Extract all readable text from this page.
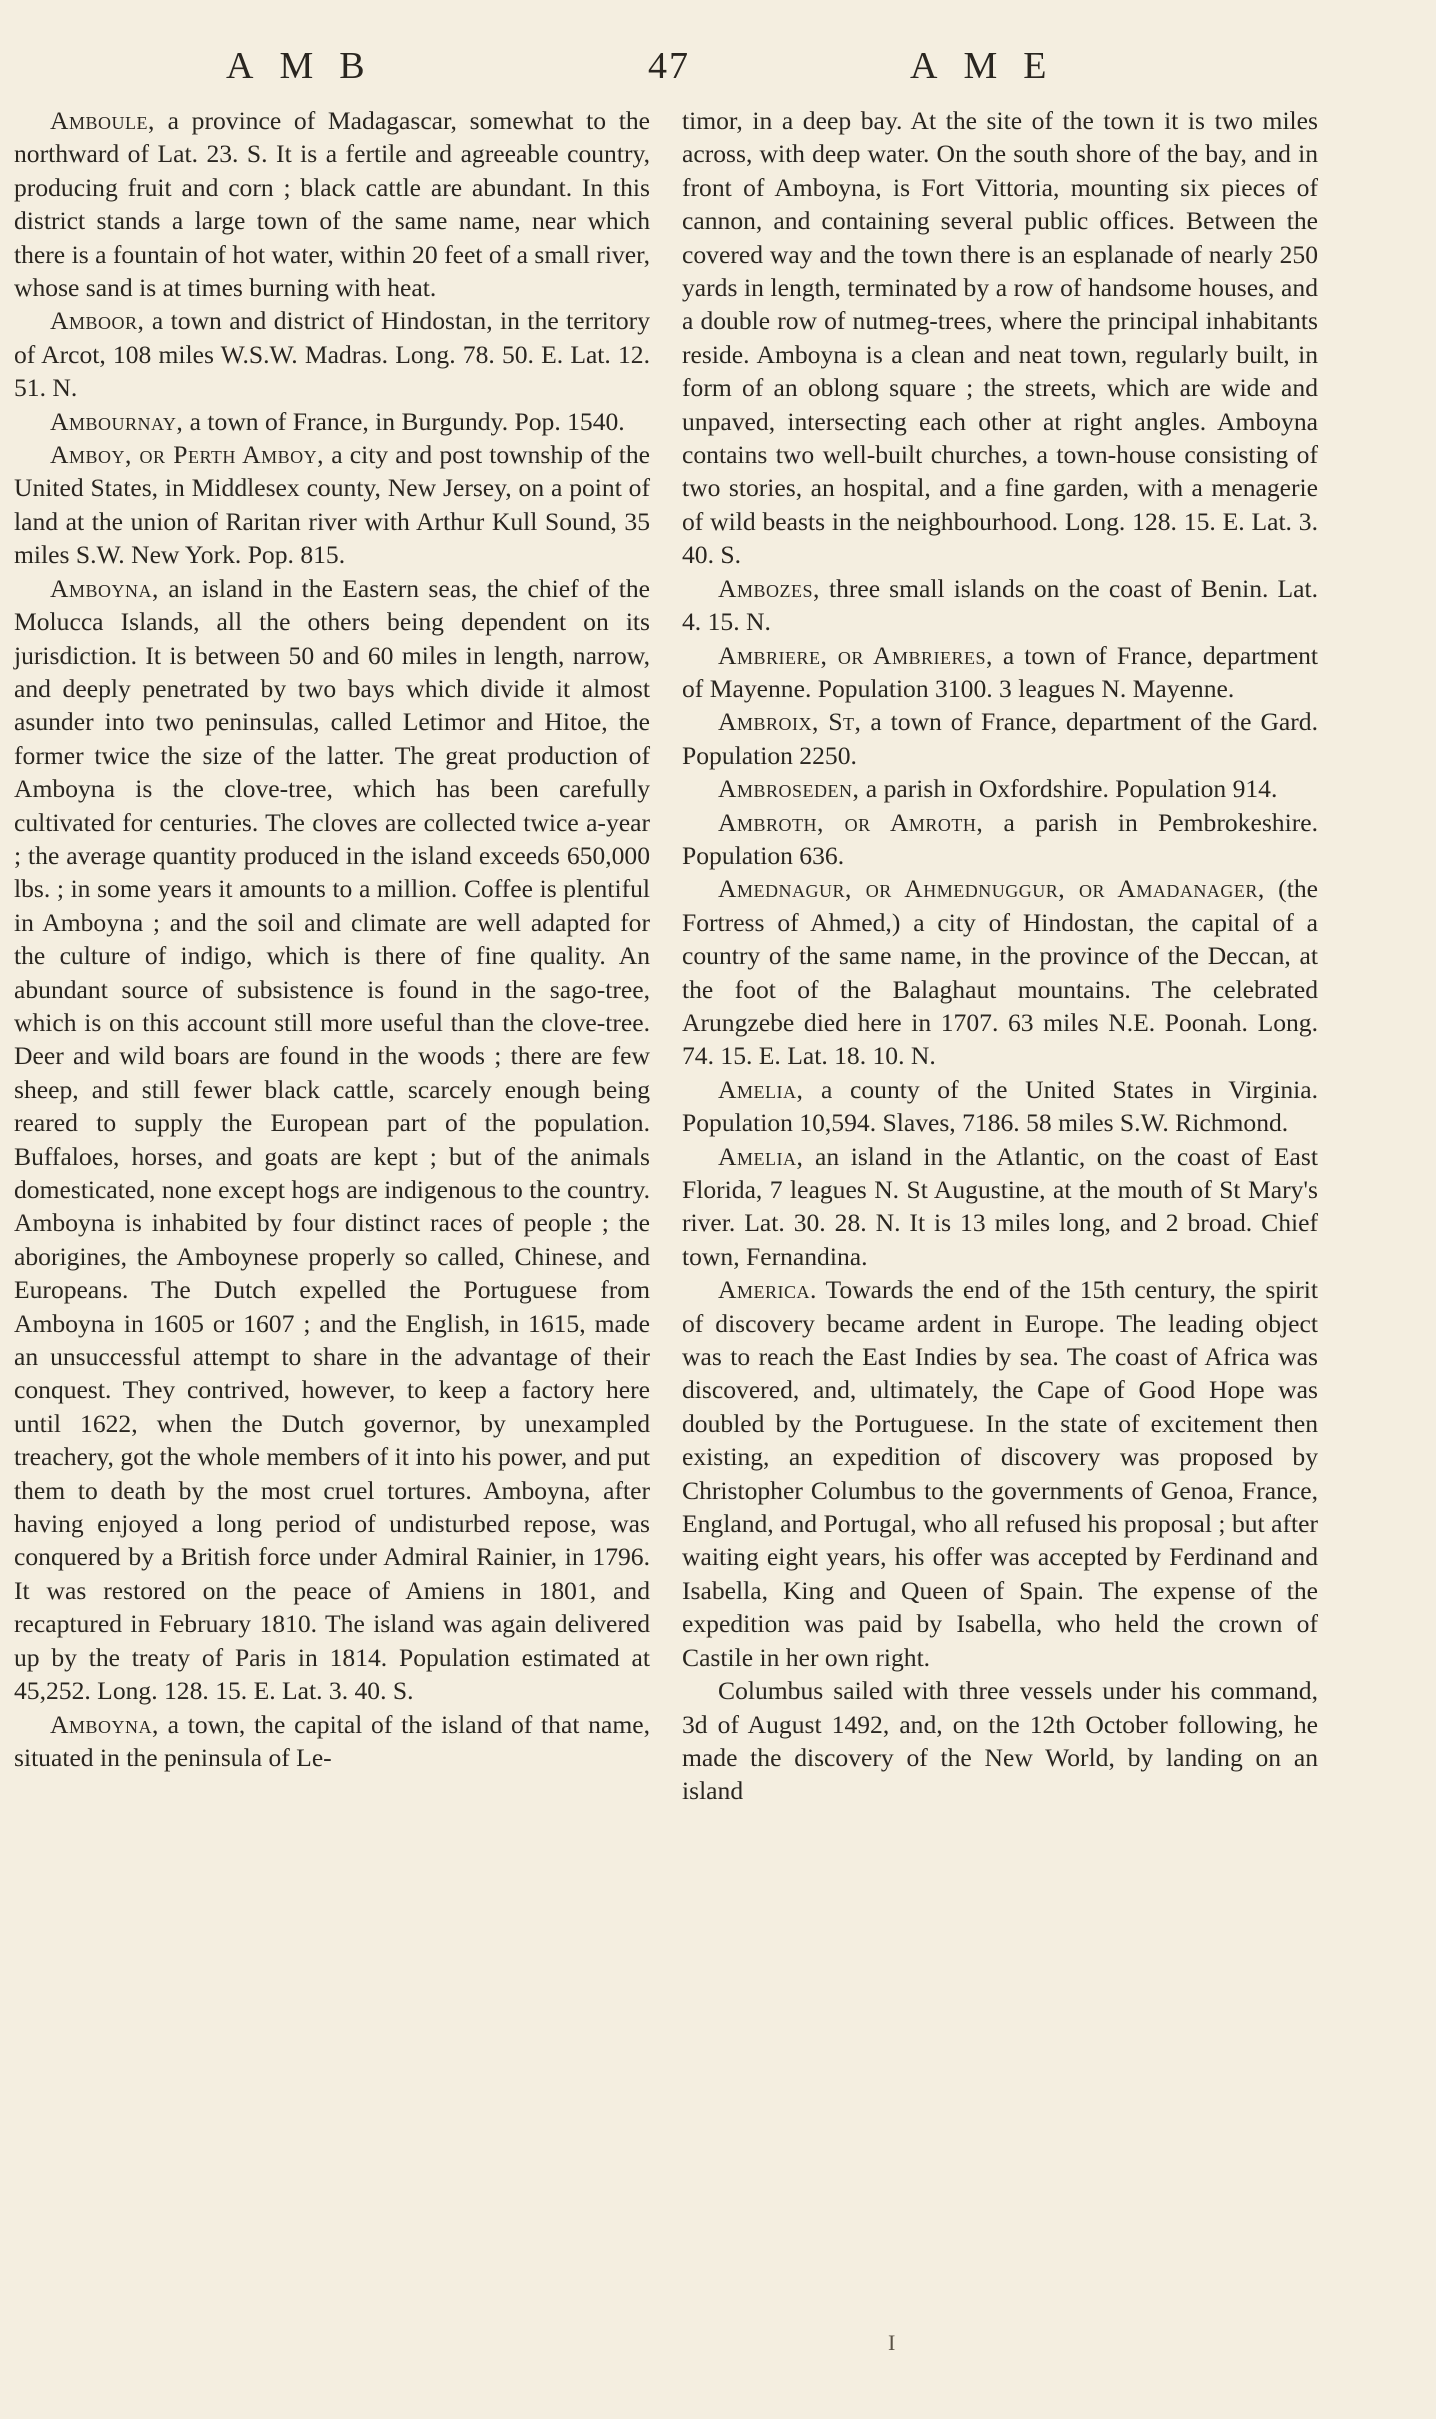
AMB	47	AME

Amboule, a province of Madagascar, somewhat to the northward of Lat. 23. S. It is a fertile and agreeable country, producing fruit and corn ; black cattle are abundant. In this district stands a large town of the same name, near which there is a fountain of hot water, within 20 feet of a small river, whose sand is at times burning with heat.

Amboor, a town and district of Hindostan, in the territory of Arcot, 108 miles W.S.W. Madras. Long. 78. 50. E. Lat. 12. 51. N.

Ambournay, a town of France, in Burgundy. Pop. 1540.

Amboy, or Perth Amboy, a city and post township of the United States, in Middlesex county, New Jersey, on a point of land at the union of Raritan river with Arthur Kull Sound, 35 miles S.W. New York. Pop. 815.

Amboyna, an island in the Eastern seas, the chief of the Molucca Islands, all the others being dependent on its jurisdiction. It is between 50 and 60 miles in length, narrow, and deeply penetrated by two bays which divide it almost asunder into two peninsulas, called Letimor and Hitoe, the former twice the size of the latter. The great production of Amboyna is the clove-tree, which has been carefully cultivated for centuries. The cloves are collected twice a-year ; the average quantity produced in the island exceeds 650,000 lbs. ; in some years it amounts to a million. Coffee is plentiful in Amboyna ; and the soil and climate are well adapted for the culture of indigo, which is there of fine quality. An abundant source of subsistence is found in the sago-tree, which is on this account still more useful than the clove-tree. Deer and wild boars are found in the woods ; there are few sheep, and still fewer black cattle, scarcely enough being reared to supply the European part of the population. Buffaloes, horses, and goats are kept ; but of the animals domesticated, none except hogs are indigenous to the country. Amboyna is inhabited by four distinct races of people ; the aborigines, the Amboynese properly so called, Chinese, and Europeans. The Dutch expelled the Portuguese from Amboyna in 1605 or 1607 ; and the English, in 1615, made an unsuccessful attempt to share in the advantage of their conquest. They contrived, however, to keep a factory here until 1622, when the Dutch governor, by unexampled treachery, got the whole members of it into his power, and put them to death by the most cruel tortures. Amboyna, after having enjoyed a long period of undisturbed repose, was conquered by a British force under Admiral Rainier, in 1796. It was restored on the peace of Amiens in 1801, and recaptured in February 1810. The island was again delivered up by the treaty of Paris in 1814. Population estimated at 45,252. Long. 128. 15. E. Lat. 3. 40. S.

Amboyna, a town, the capital of the island of that name, situated in the peninsula of Le-

timor, in a deep bay. At the site of the town it is two miles across, with deep water. On the south shore of the bay, and in front of Amboyna, is Fort Vittoria, mounting six pieces of cannon, and containing several public offices. Between the covered way and the town there is an esplanade of nearly 250 yards in length, terminated by a row of handsome houses, and a double row of nutmeg-trees, where the principal inhabitants reside. Amboyna is a clean and neat town, regularly built, in form of an oblong square ; the streets, which are wide and unpaved, intersecting each other at right angles. Amboyna contains two well-built churches, a town-house consisting of two stories, an hospital, and a fine garden, with a menagerie of wild beasts in the neighbourhood. Long. 128. 15. E. Lat. 3. 40. S.

Ambozes, three small islands on the coast of Benin. Lat. 4. 15. N.

Ambriere, or Ambrieres, a town of France, department of Mayenne. Population 3100. 3 leagues N. Mayenne.

Ambroix, St, a town of France, department of the Gard. Population 2250.

Ambroseden, a parish in Oxfordshire. Population 914.

Ambroth, or Amroth, a parish in Pembrokeshire. Population 636.

Amednagur, or Ahmednuggur, or Amadanager, (the Fortress of Ahmed,) a city of Hindostan, the capital of a country of the same name, in the province of the Deccan, at the foot of the Balaghaut mountains. The celebrated Arungzebe died here in 1707. 63 miles N.E. Poonah. Long. 74. 15. E. Lat. 18. 10. N.

Amelia, a county of the United States in Virginia. Population 10,594. Slaves, 7186. 58 miles S.W. Richmond.

Amelia, an island in the Atlantic, on the coast of East Florida, 7 leagues N. St Augustine, at the mouth of St Mary's river. Lat. 30. 28. N. It is 13 miles long, and 2 broad. Chief town, Fernandina.

America. Towards the end of the 15th century, the spirit of discovery became ardent in Europe. The leading object was to reach the East Indies by sea. The coast of Africa was discovered, and, ultimately, the Cape of Good Hope was doubled by the Portuguese. In the state of excitement then existing, an expedition of discovery was proposed by Christopher Columbus to the governments of Genoa, France, England, and Portugal, who all refused his proposal ; but after waiting eight years, his offer was accepted by Ferdinand and Isabella, King and Queen of Spain. The expense of the expedition was paid by Isabella, who held the crown of Castile in her own right.

Columbus sailed with three vessels under his command, 3d of August 1492, and, on the 12th October following, he made the discovery of the New World, by landing on an island

I
